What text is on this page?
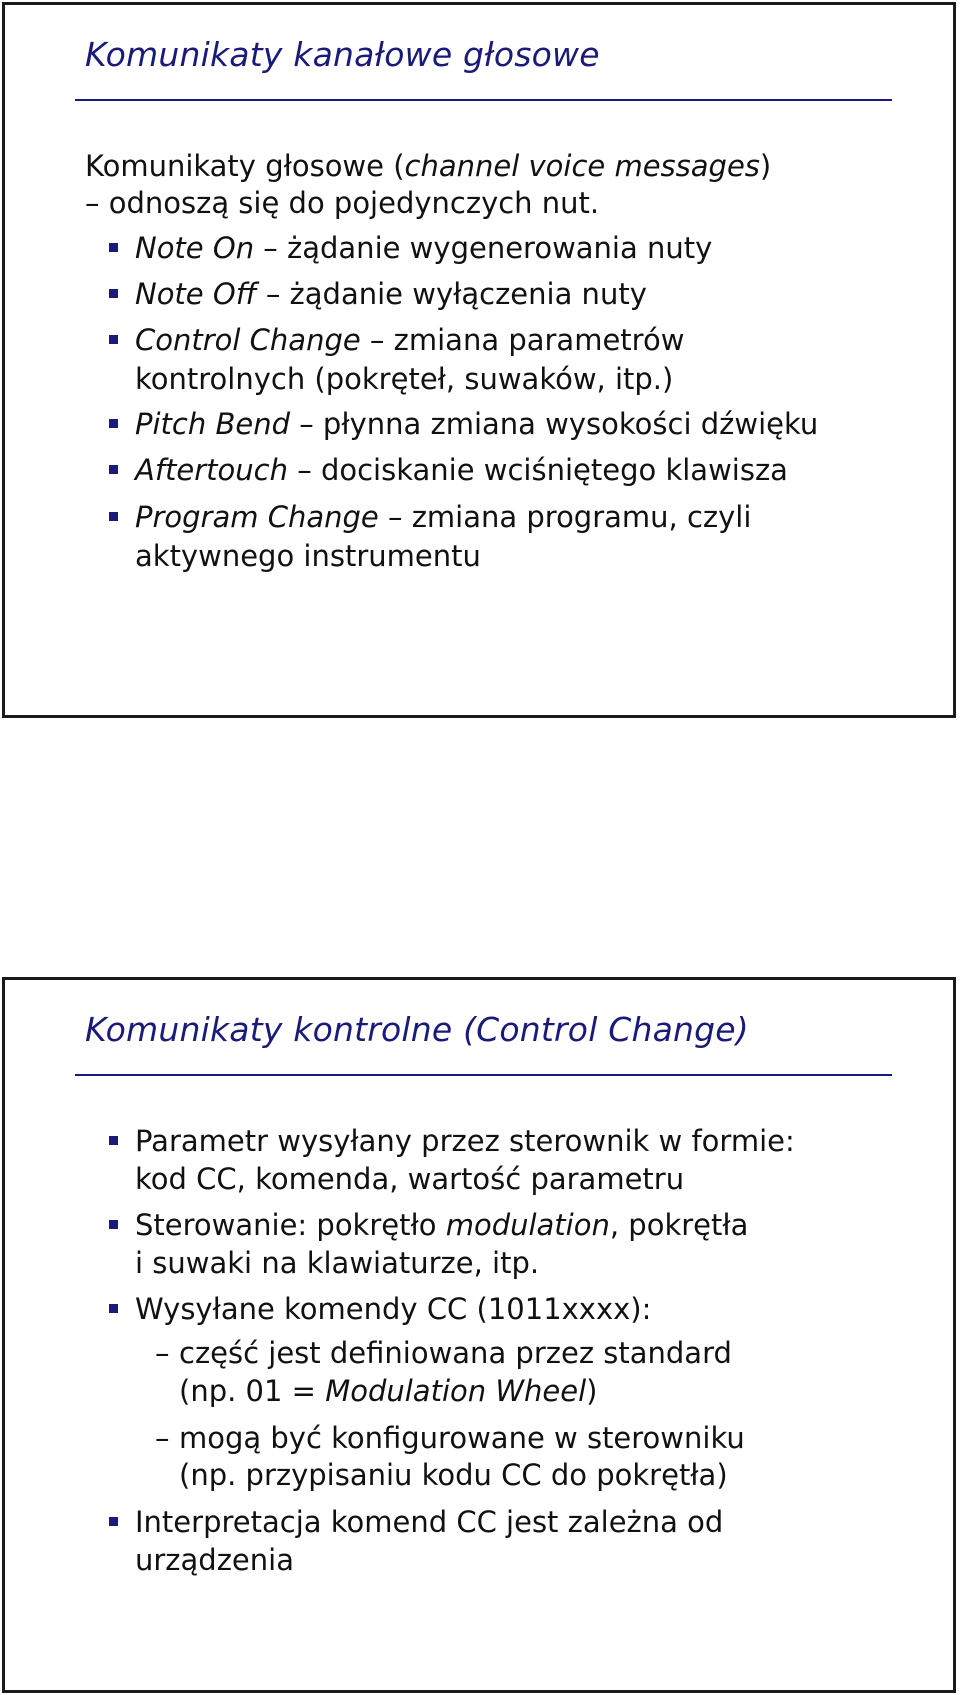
Komunikaty kanałowe głosowe
Komunikaty głosowe (channel voice messages)
– odnoszą się do pojedynczych nut.
Note On – żądanie wygenerowania nuty
Note Off – żądanie wyłączenia nuty
Control Change – zmiana parametrów
kontrolnych (pokręteł, suwaków, itp.)
Pitch Bend – płynna zmiana wysokości dźwięku
Aftertouch – dociskanie wciśniętego klawisza
Program Change – zmiana programu, czyli
aktywnego instrumentu
Komunikaty kontrolne (Control Change)
Parametr wysyłany przez sterownik w formie:
kod CC, komenda, wartość parametru
Sterowanie: pokrętło modulation, pokrętła
i suwaki na klawiaturze, itp.
Wysyłane komendy CC (1011xxxx):
– część jest definiowana przez standard
(np. 01 = Modulation Wheel)
– mogą być konfigurowane w sterowniku
(np. przypisaniu kodu CC do pokrętła)
Interpretacja komend CC jest zależna od
urządzenia
